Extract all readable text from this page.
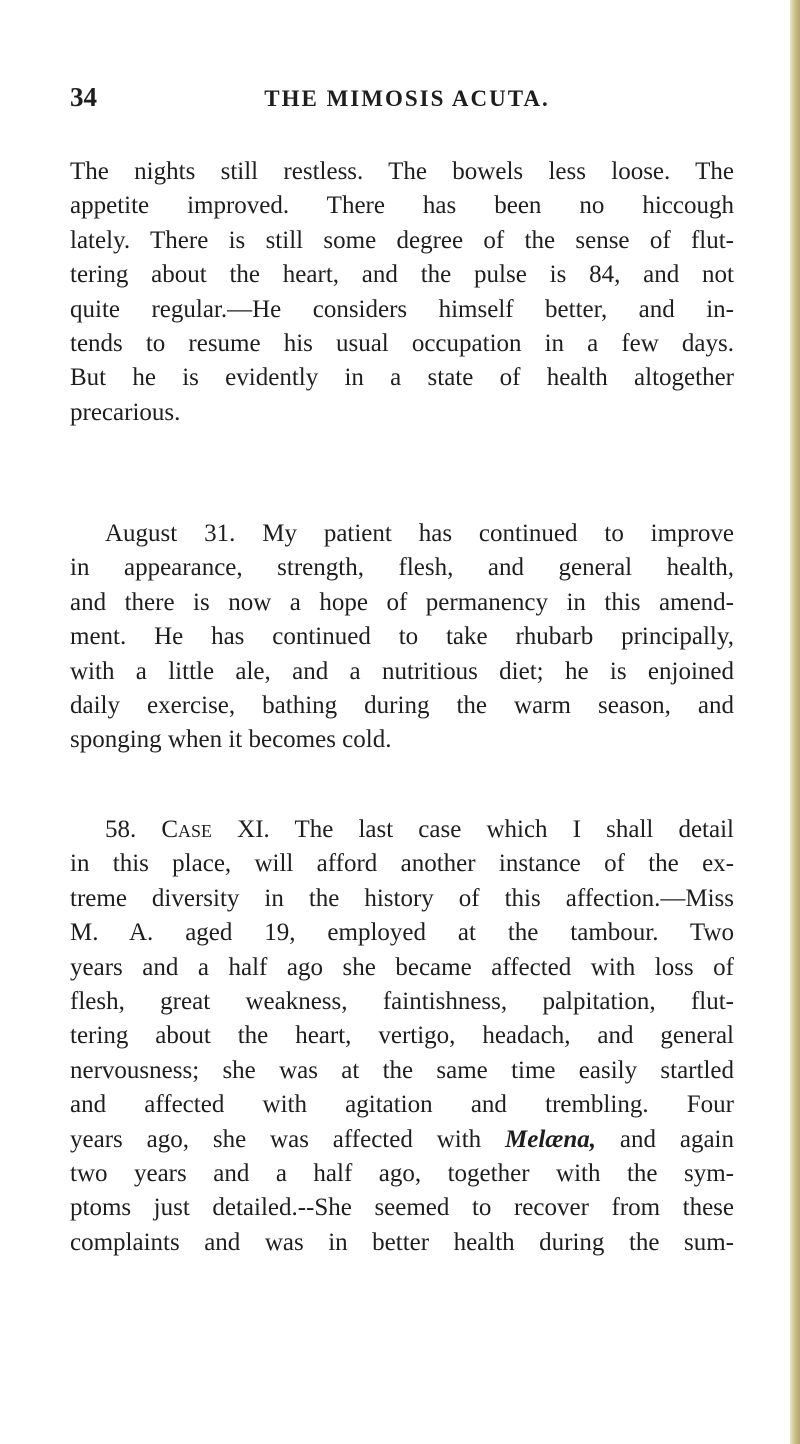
34	THE MIMOSIS ACUTA.
The nights still restless. The bowels less loose. The
appetite improved. There has been no hiccough
lately. There is still some degree of the sense of flut-
tering about the heart, and the pulse is 84, and not
quite regular.—He considers himself better, and in-
tends to resume his usual occupation in a few days.
But he is evidently in a state of health altogether
precarious.
August 31. My patient has continued to improve
in appearance, strength, flesh, and general health,
and there is now a hope of permanency in this amend-
ment. He has continued to take rhubarb principally,
with a little ale, and a nutritious diet; he is enjoined
daily exercise, bathing during the warm season, and
sponging when it becomes cold.
58. Case XI. The last case which I shall detail
in this place, will afford another instance of the ex-
treme diversity in the history of this affection.—Miss
M. A. aged 19, employed at the tambour. Two
years and a half ago she became affected with loss of
flesh, great weakness, faintishness, palpitation, flut-
tering about the heart, vertigo, headach, and general
nervousness; she was at the same time easily startled
and affected with agitation and trembling. Four
years ago, she was affected with Melæna, and again
two years and a half ago, together with the sym-
ptoms just detailed.--She seemed to recover from these
complaints and was in better health during the sum-
